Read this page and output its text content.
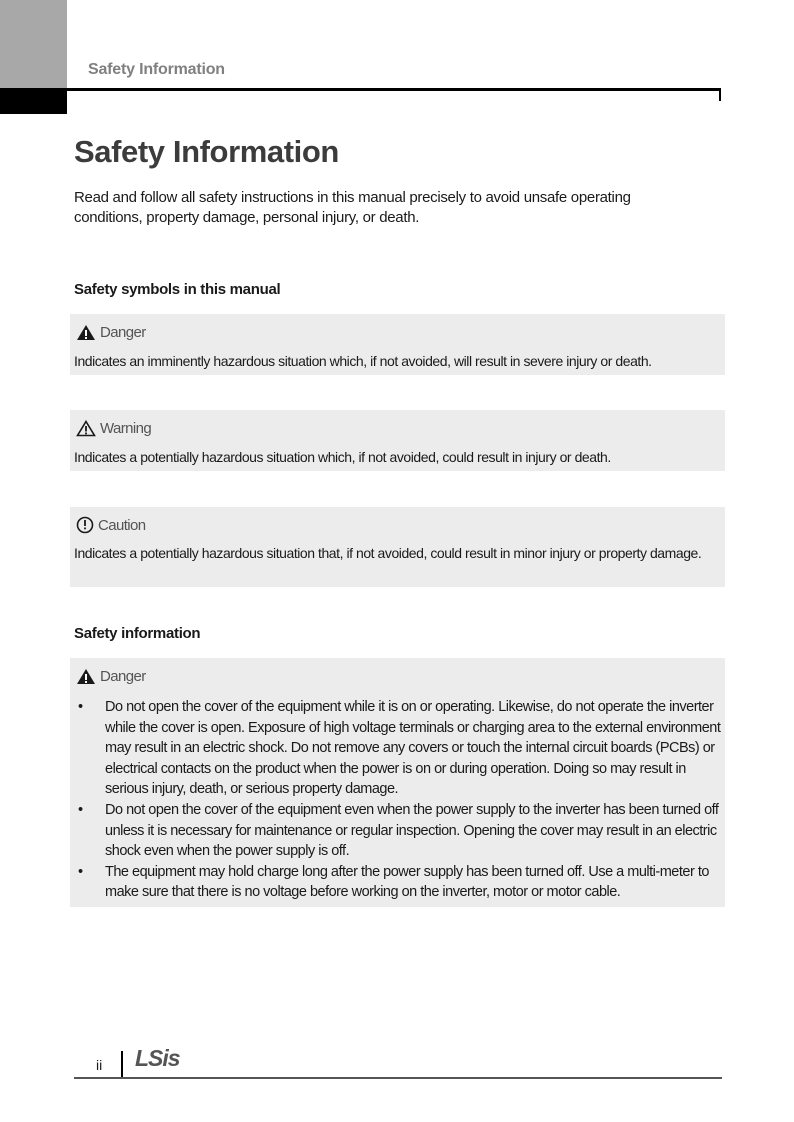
Safety Information
Safety Information
Read and follow all safety instructions in this manual precisely to avoid unsafe operating conditions, property damage, personal injury, or death.
Safety symbols in this manual
Danger
Indicates an imminently hazardous situation which, if not avoided, will result in severe injury or death.
Warning
Indicates a potentially hazardous situation which, if not avoided, could result in injury or death.
Caution
Indicates a potentially hazardous situation that, if not avoided, could result in minor injury or property damage.
Safety information
Danger
• Do not open the cover of the equipment while it is on or operating. Likewise, do not operate the inverter while the cover is open. Exposure of high voltage terminals or charging area to the external environment may result in an electric shock. Do not remove any covers or touch the internal circuit boards (PCBs) or electrical contacts on the product when the power is on or during operation. Doing so may result in serious injury, death, or serious property damage.
• Do not open the cover of the equipment even when the power supply to the inverter has been turned off unless it is necessary for maintenance or regular inspection. Opening the cover may result in an electric shock even when the power supply is off.
• The equipment may hold charge long after the power supply has been turned off. Use a multi-meter to make sure that there is no voltage before working on the inverter, motor or motor cable.
ii LSis
